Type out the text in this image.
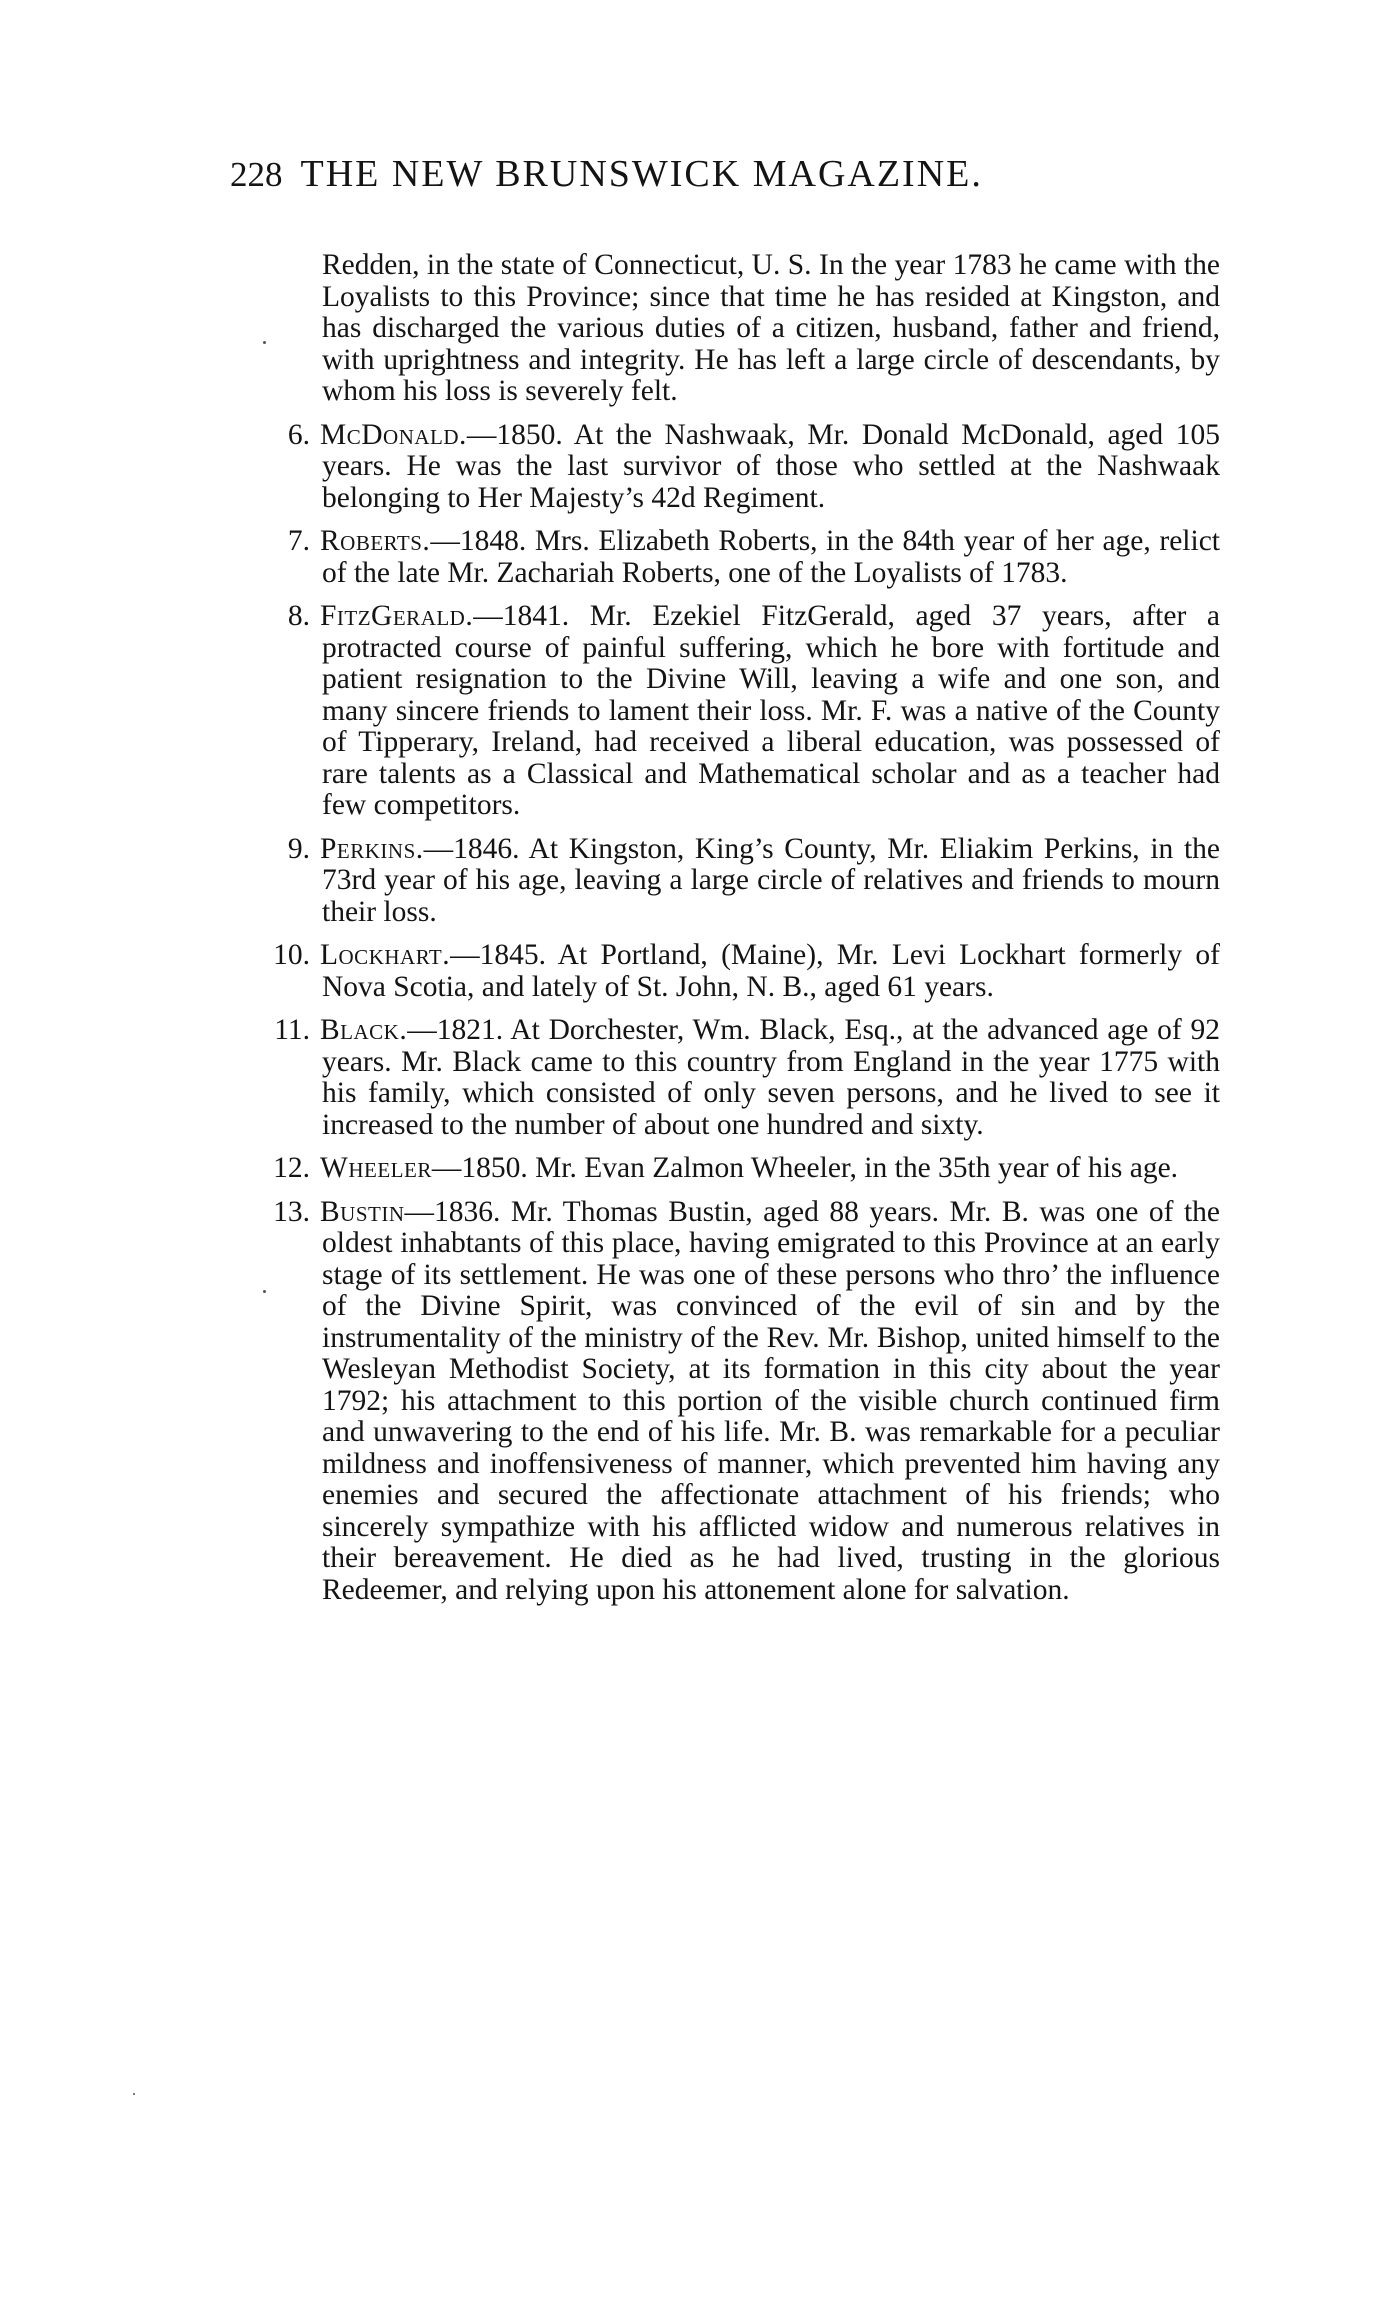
228 THE NEW BRUNSWICK MAGAZINE.

Redden, in the state of Connecticut, U. S. In the year 1783 he came with the Loyalists to this Province; since that time he has resided at Kingston, and has discharged the various duties of a citizen, husband, father and friend, with uprightness and integrity. He has left a large circle of descendants, by whom his loss is severely felt.

6. McDonald.—1850. At the Nashwaak, Mr. Donald McDonald, aged 105 years. He was the last survivor of those who settled at the Nashwaak belonging to Her Majesty’s 42d Regiment.

7. Roberts.—1848. Mrs. Elizabeth Roberts, in the 84th year of her age, relict of the late Mr. Zachariah Roberts, one of the Loyalists of 1783.

8. FitzGerald.—1841. Mr. Ezekiel FitzGerald, aged 37 years, after a protracted course of painful suffering, which he bore with fortitude and patient resignation to the Divine Will, leaving a wife and one son, and many sincere friends to lament their loss. Mr. F. was a native of the County of Tipperary, Ireland, had received a liberal education, was possessed of rare talents as a Classical and Mathematical scholar and as a teacher had few competitors.

9. Perkins.—1846. At Kingston, King’s County, Mr. Eliakim Perkins, in the 73rd year of his age, leaving a large circle of relatives and friends to mourn their loss.

10. Lockhart.—1845. At Portland, (Maine), Mr. Levi Lockhart formerly of Nova Scotia, and lately of St. John, N. B., aged 61 years.

11. Black.—1821. At Dorchester, Wm. Black, Esq., at the advanced age of 92 years. Mr. Black came to this country from England in the year 1775 with his family, which consisted of only seven persons, and he lived to see it increased to the number of about one hundred and sixty.

12. Wheeler—1850. Mr. Evan Zalmon Wheeler, in the 35th year of his age.

13. Bustin—1836. Mr. Thomas Bustin, aged 88 years. Mr. B. was one of the oldest inhabtants of this place, having emigrated to this Province at an early stage of its settlement. He was one of these persons who thro’ the influence of the Divine Spirit, was convinced of the evil of sin and by the instrumentality of the ministry of the Rev. Mr. Bishop, united himself to the Wesleyan Methodist Society, at its formation in this city about the year 1792; his attachment to this portion of the visible church continued firm and unwavering to the end of his life. Mr. B. was remarkable for a peculiar mildness and inoffensiveness of manner, which prevented him having any enemies and secured the affectionate attachment of his friends; who sincerely sympathize with his afflicted widow and numerous relatives in their bereavement. He died as he had lived, trusting in the glorious Redeemer, and relying upon his attonement alone for salvation.
